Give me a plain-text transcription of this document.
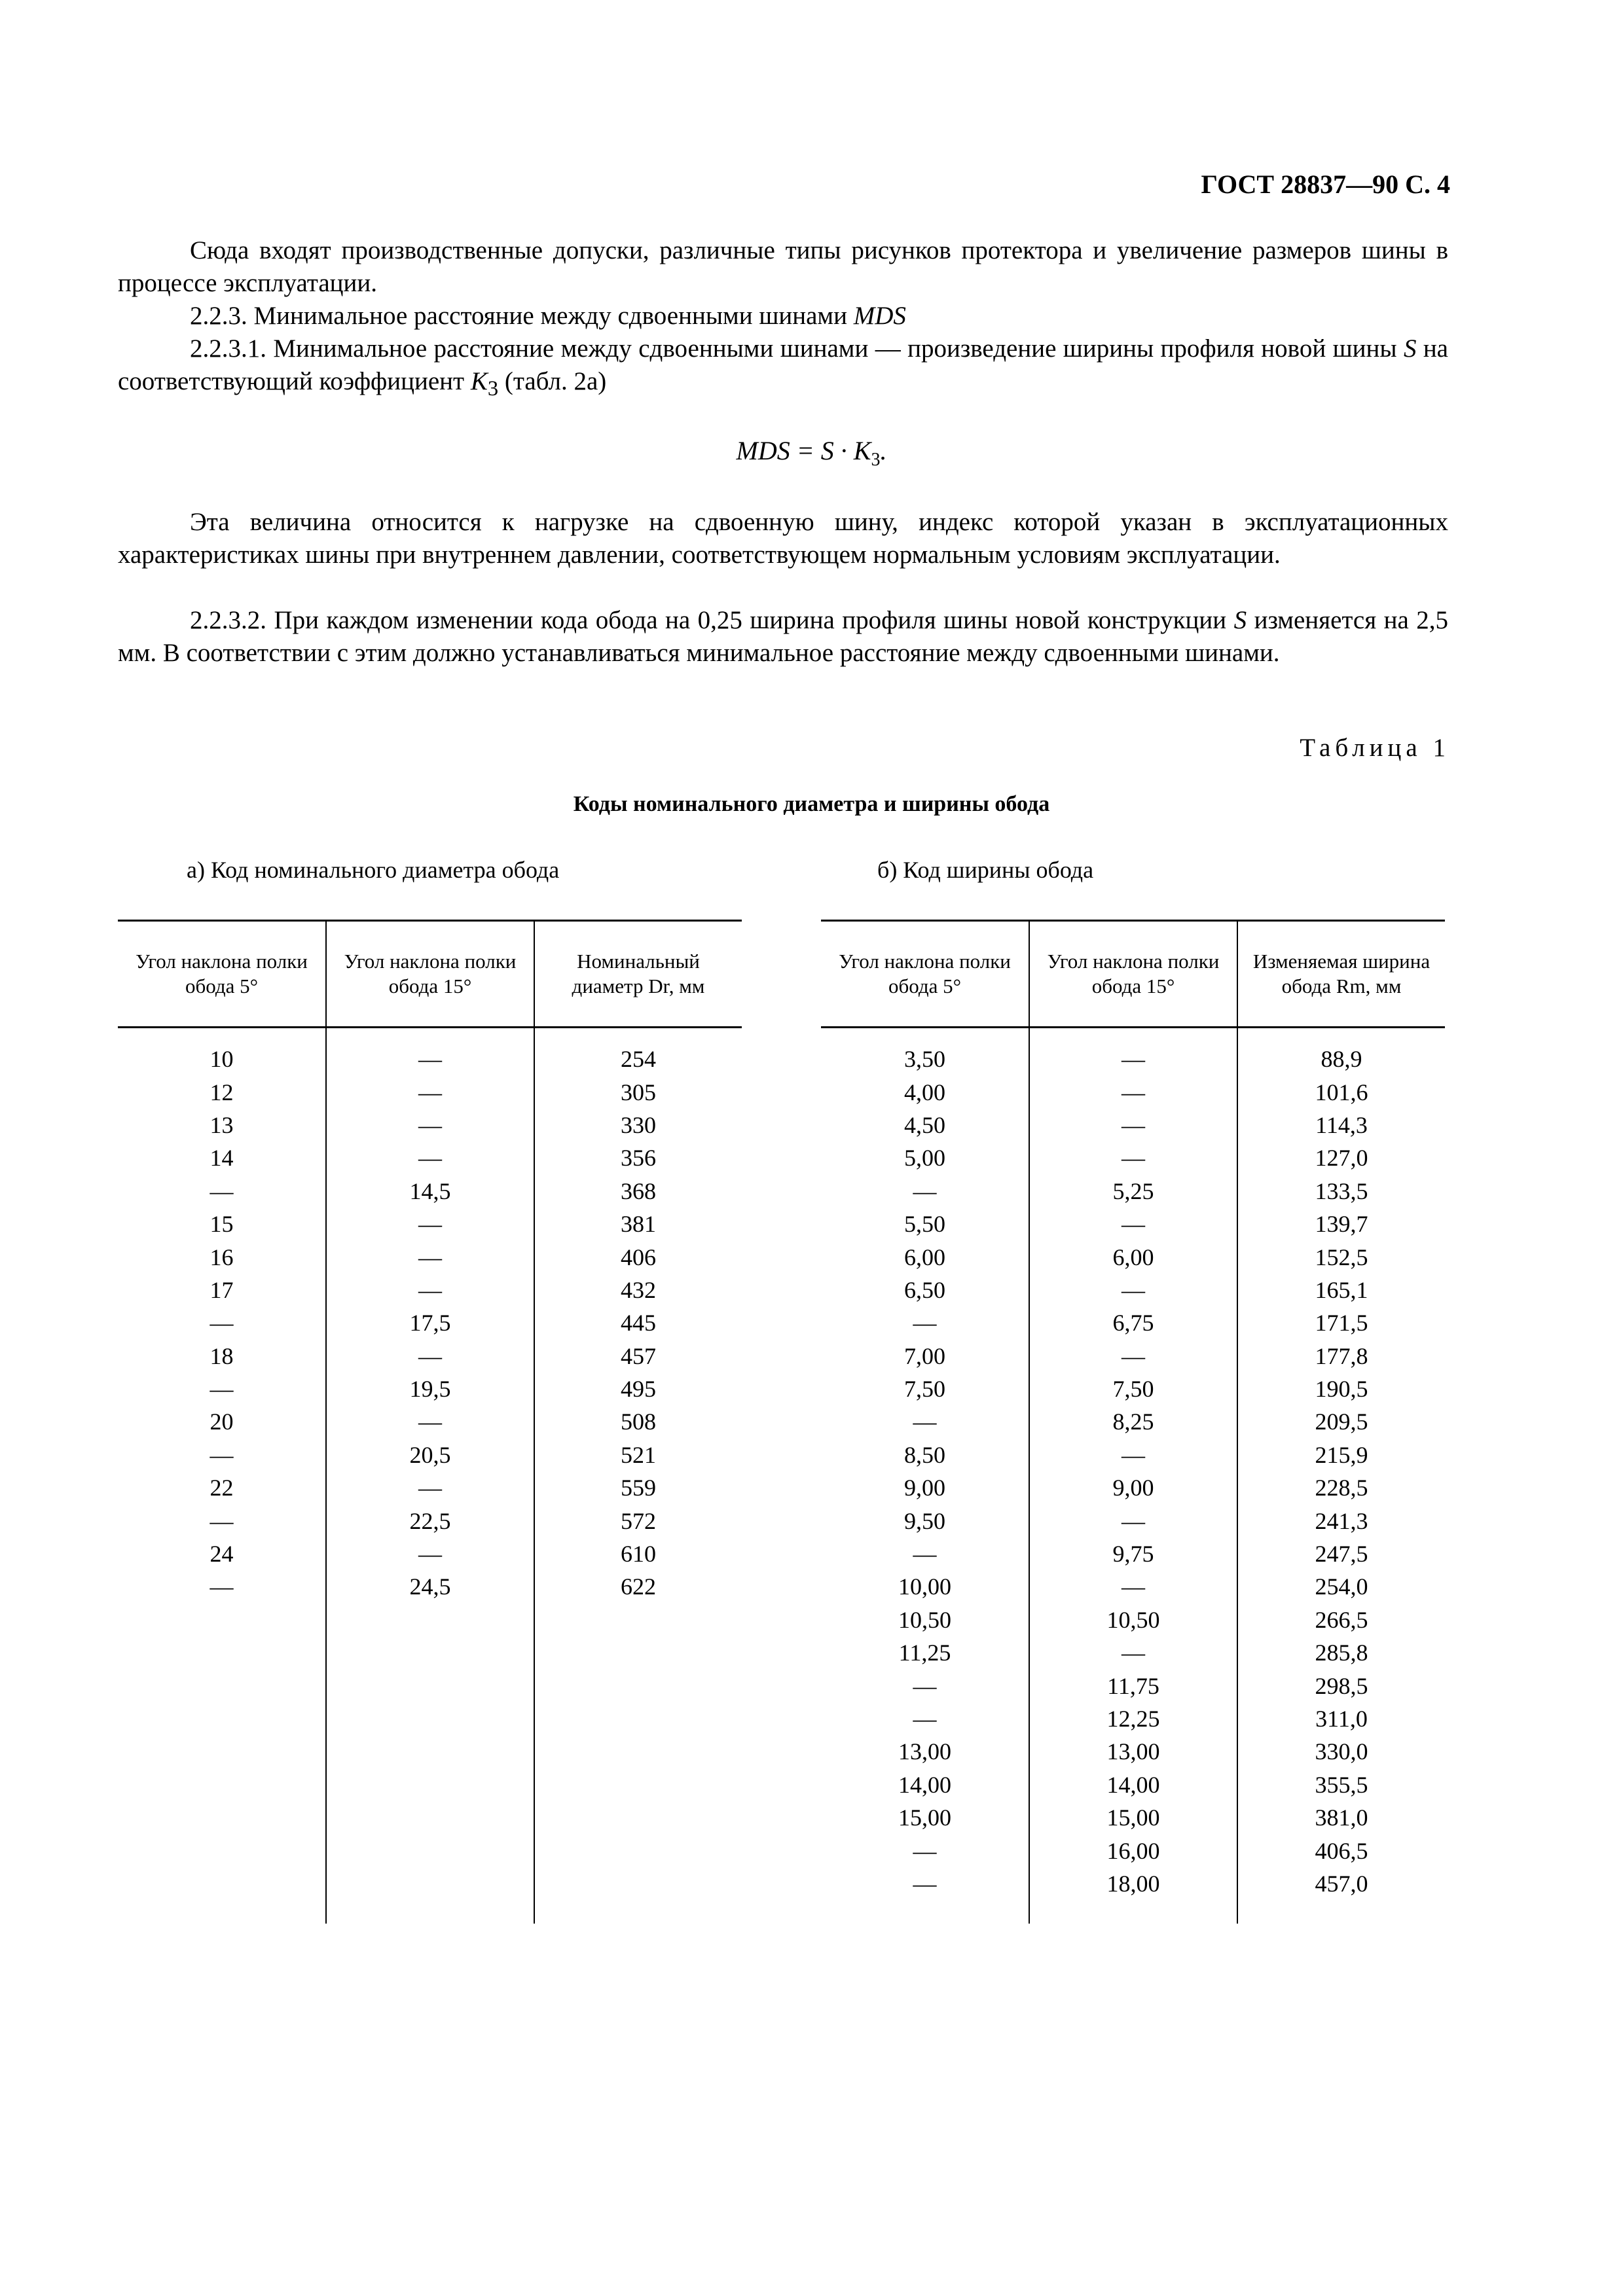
ГОСТ 28837—90 С. 4

Сюда входят производственные допуски, различные типы рисунков протектора и увеличение размеров шины в процессе эксплуатации.

2.2.3. Минимальное расстояние между сдвоенными шинами MDS

2.2.3.1. Минимальное расстояние между сдвоенными шинами — произведение ширины профиля новой шины S на соответствующий коэффициент $K_3$ (табл. 2а)

MDS = $S \cdot K_3$.

Эта величина относится к нагрузке на сдвоенную шину, индекс которой указан в эксплуатационных характеристиках шины при внутреннем давлении, соответствующем нормальным условиям эксплуатации.

2.2.3.2. При каждом изменении кода обода на 0,25 ширина профиля шины новой конструкции S изменяется на 2,5 мм. В соответствии с этим должно устанавливаться минимальное расстояние между сдвоенными шинами.

Таблица 1
Коды номинального диаметра и ширины обода
а) Код номинального диаметра обода	б) Код ширины обода
Угол наклона полки обода 5°	Угол наклона полки обода 15°	Номинальный диаметр Dr, мм
10	—	254
12	—	305
13	—	330
14	—	356
—	14,5	368
15	—	381
16	—	406
17	—	432
—	17,5	445
18	—	457
—	19,5	495
20	—	508
—	20,5	521
22	—	559
—	22,5	572
24	—	610
—	24,5	622

Угол наклона полки обода 5°	Угол наклона полки обода 15°	Изменяемая ширина обода Rm, мм
3,50	—	88,9
4,00	—	101,6
4,50	—	114,3
5,00	—	127,0
—	5,25	133,5
5,50	—	139,7
6,00	6,00	152,5
6,50	—	165,1
—	6,75	171,5
7,00	—	177,8
7,50	7,50	190,5
—	8,25	209,5
8,50	—	215,9
9,00	9,00	228,5
9,50	—	241,3
—	9,75	247,5
10,00	—	254,0
10,50	10,50	266,5
11,25	—	285,8
—	11,75	298,5
—	12,25	311,0
13,00	13,00	330,0
14,00	14,00	355,5
15,00	15,00	381,0
—	16,00	406,5
—	18,00	457,0
